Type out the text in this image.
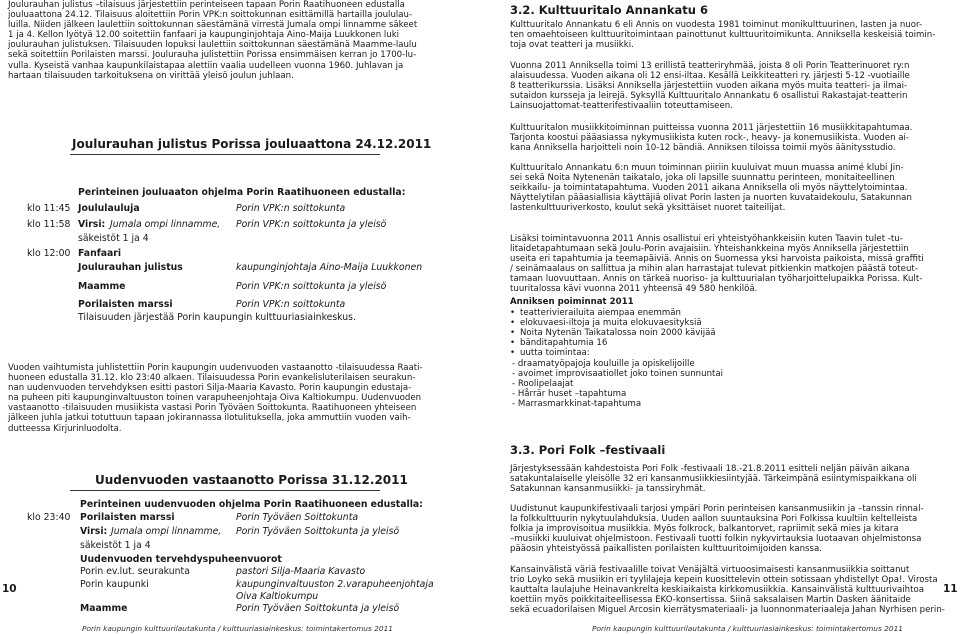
Joulurauhan julistus –tilaisuus järjestettiin perinteiseen tapaan Porin Raatihuoneen edustalla
jouluaattona 24.12. Tilaisuus aloitettiin Porin VPK:n soittokunnan esittämillä hartailla joululau-
luilla. Niiden jälkeen laulettiin soittokunnan säestämänä virrestä Jumala ompi linnamme säkeet
1 ja 4. Kellon lyötyä 12.00 soitettiin fanfaari ja kaupunginjohtaja Aino-Maija Luukkonen luki
joulurauhan julistuksen. Tilaisuuden lopuksi laulettiin soittokunnan säestämänä Maamme-laulu
sekä soitettiin Porilaisten marssi. Joulurauha julistettiin Porissa ensimmäisen kerran jo 1700-lu-
vulla. Kyseistä vanhaa kaupunkilaistapaa alettiin vaalia uudelleen vuonna 1960. Juhlavan ja
hartaan tilaisuuden tarkoituksena on virittää yleisö joulun juhlaan.
Joulurauhan julistus Porissa jouluaattona 24.12.2011
Perinteinen jouluaaton ohjelma Porin Raatihuoneen edustalla:
klo 11:45 Joululauluja	Porin VPK:n soittokunta
klo 11:58 Virsi: Jumala ompi linnamme, Porin VPK:n soittokunta ja yleisö
säkeistöt 1 ja 4
klo 12:00 Fanfaari
Joulurauhan julistus	kaupunginjohtaja Aino-Maija Luukkonen
Maamme	Porin VPK:n soittokunta ja yleisö
Porilaisten marssi	Porin VPK:n soittokunta
Tilaisuuden järjestää Porin kaupungin kulttuuriasiainkeskus.
Vuoden vaihtumista juhlistettiin Porin kaupungin uudenvuoden vastaanotto -tilaisuudessa Raati-
huoneen edustalla 31.12. klo 23:40 alkaen. Tilaisuudessa Porin evankelisluterilaisen seurakun-
nan uudenvuoden tervehdyksen esitti pastori Silja-Maaria Kavasto. Porin kaupungin edustaja-
na puheen piti kaupunginvaltuuston toinen varapuheenjohtaja Oiva Kaltiokumpu. Uudenvuoden
vastaanotto -tilaisuuden musiikista vastasi Porin Työväen Soittokunta. Raatihuoneen yhteiseen
jälkeen juhla jatkui totuttuun tapaan jokirannassa ilotulituksella, joka ammuttiin vuoden vaih-
dutteessa Kirjurinluodolta.
Uudenvuoden vastaanotto Porissa 31.12.2011
Perinteinen uudenvuoden ohjelma Porin Raatihuoneen edustalla:
klo 23:40 Porilaisten marssi	Porin Työväen Soittokunta
Virsi: Jumala ompi linnamme, Porin Työväen Soittokunta ja yleisö
säkeistöt 1 ja 4
Uudenvuoden tervehdyspuheenvuorot
Porin ev.lut. seurakunta	pastori Silja-Maaria Kavasto
Porin kaupunki	kaupunginvaltuuston 2.varapuheenjohtaja
Oiva Kaltiokumpu
Maamme	Porin Työväen Soittokunta ja yleisö
Porin kaupungin kulttuurilautakunta / kulttuuriasiainkeskus: toimintakertomus 2011
10
3.2. Kulttuuritalo Annankatu 6
Kulttuuritalo Annankatu 6 eli Annis on vuodesta 1981 toiminut monikulttuurinen, lasten ja nuor-
ten omaehtoiseen kulttuuritoimintaan painottunut kulttuuritoimikunta. Anniksella keskeisiä toimin-
toja ovat teatteri ja musiikki.
Vuonna 2011 Anniksella toimi 13 erillistä teatteriryhmää, joista 8 oli Porin Teatterinuoret ry:n
alaisuudessa. Vuoden aikana oli 12 ensi-iltaa. Kesällä Leikkiteatteri ry. järjesti 5-12 -vuotiaille
8 teatterikurssia. Lisäksi Anniksella järjestettiin vuoden aikana myös muita teatteri- ja ilmai-
sutaidon kursseja ja leirejä. Syksyllä Kulttuuritalo Annankatu 6 osallistui Rakastajat-teatterin
Lainsuojattomat-teatterifestivaaliin toteuttamiseen.
Kulttuuritalon musiikkitoiminnan puitteissa vuonna 2011 järjestettiin 16 musiikkitapahtumaa.
Tarjonta koostui pääasiassa nykymusiikista kuten rock-, heavy- ja konemusiikista. Vuoden ai-
kana Anniksella harjoitteli noin 10-12 bändiä. Anniksen tiloissa toimii myös äänitysstudio.
Kulttuuritalo Annankatu 6:n muun toiminnan piiriin kuuluivat muun muassa animé klubi Jin-
sei sekä Noita Nytenenän taikatalo, joka oli lapsille suunnattu perinteen, monitaiteellinen
seikkailu- ja toimintatapahtuma. Vuoden 2011 aikana Anniksella oli myös näyttelytoimintaa.
Näyttelytilan pääasiallisia käyttäjiä olivat Porin lasten ja nuorten kuvataidekoulu, Satakunnan
lastenkulttuuriverkosto, koulut sekä yksittäiset nuoret taiteilijat.
Lisäksi toimintavuonna 2011 Annis osallistui eri yhteistyöhankkeisiin kuten Taavin tulet -tu-
litaidetapahtumaan sekä Joulu-Porin avajaisiin. Yhteishankkeina myös Anniksella järjestettiin
useita eri tapahtumia ja teemapäiviä. Annis on Suomessa yksi harvoista paikoista, missä graffiti
/ seinämaalaus on sallittua ja mihin alan harrastajat tulevat pitkienkin matkojen päästä toteut-
tamaan luovuuttaan. Annis on tärkeä nuoriso- ja kulttuurialan työharjoittelupaikka Porissa. Kult-
tuuritalossa kävi vuonna 2011 yhteensä 49 580 henkilöä.
Anniksen poiminnat 2011
• teatterivierailuita aiempaa enemmän
• elokuvaesi-iltoja ja muita elokuvaesityksiä
• Noita Nytenän Taikatalossa noin 2000 kävijää
• bänditapahtumia 16
• uutta toimintaa:
- draamatyöpajoja kouluille ja opiskelijoille
- avoimet improvisaatiollet joko toinen sunnuntai
- Roolipelaajat
- Hårrär huset –tapahtuma
- Marrasmarkkinat-tapahtuma
3.3. Pori Folk –festivaali
Järjestyksessään kahdestoista Pori Folk -festivaali 18.-21.8.2011 esitteli neljän päivän aikana
satakuntalaiselle yleisölle 32 eri kansanmusiikkiesiintyjää. Tärkeimpänä esiintymispaikkana oli
Satakunnan kansanmusiikki- ja tanssiryhmät.
Uudistunut kaupunkifestivaali tarjosi ympäri Porin perinteisen kansanmusiikin ja –tanssin rinnal-
la folkkulttuurin nykytuulahduksia. Uuden aallon suuntauksina Pori Folkissa kuultiin keltelleista
folkia ja improvisoitua musiikkia. Myös folkrock, balkantorvet, rapriimit sekä mies ja kitara
–musiikki kuuluivat ohjelmistoon. Festivaali tuotti folkin nykyvirtauksia luotaavan ohjelmistonsa
pääosin yhteistyössä paikallisten porilaisten kulttuuritoimijoiden kanssa.
Kansainvälistä väriä festivaalille toivat Venäjältä virtuoosimaisesti kansanmusiikkia soittanut
trio Loyko sekä musiikin eri tyylilajeja kepein kuosittelevin ottein sotissaan yhdistellyt Opa!. Virosta
kauttalta laulajuhe Heinavankrelta keskiaikaista kirkkomusiikkia. Kansainvälistä kulttuurivaihtoa
koettiin myös poikkitaiteellisessa EKO-konsertissa. Siinä saksalaisen Martin Dasken äänitaide
sekä ecuadorilaisen Miguel Arcosin kierrätysmateriaali- ja luonnonmateriaaleja Jahan Nyrhisen perin-
Porin kaupungin kulttuurilautakunta / kulttuuriasiainkeskus: toimintakertomus 2011
11
